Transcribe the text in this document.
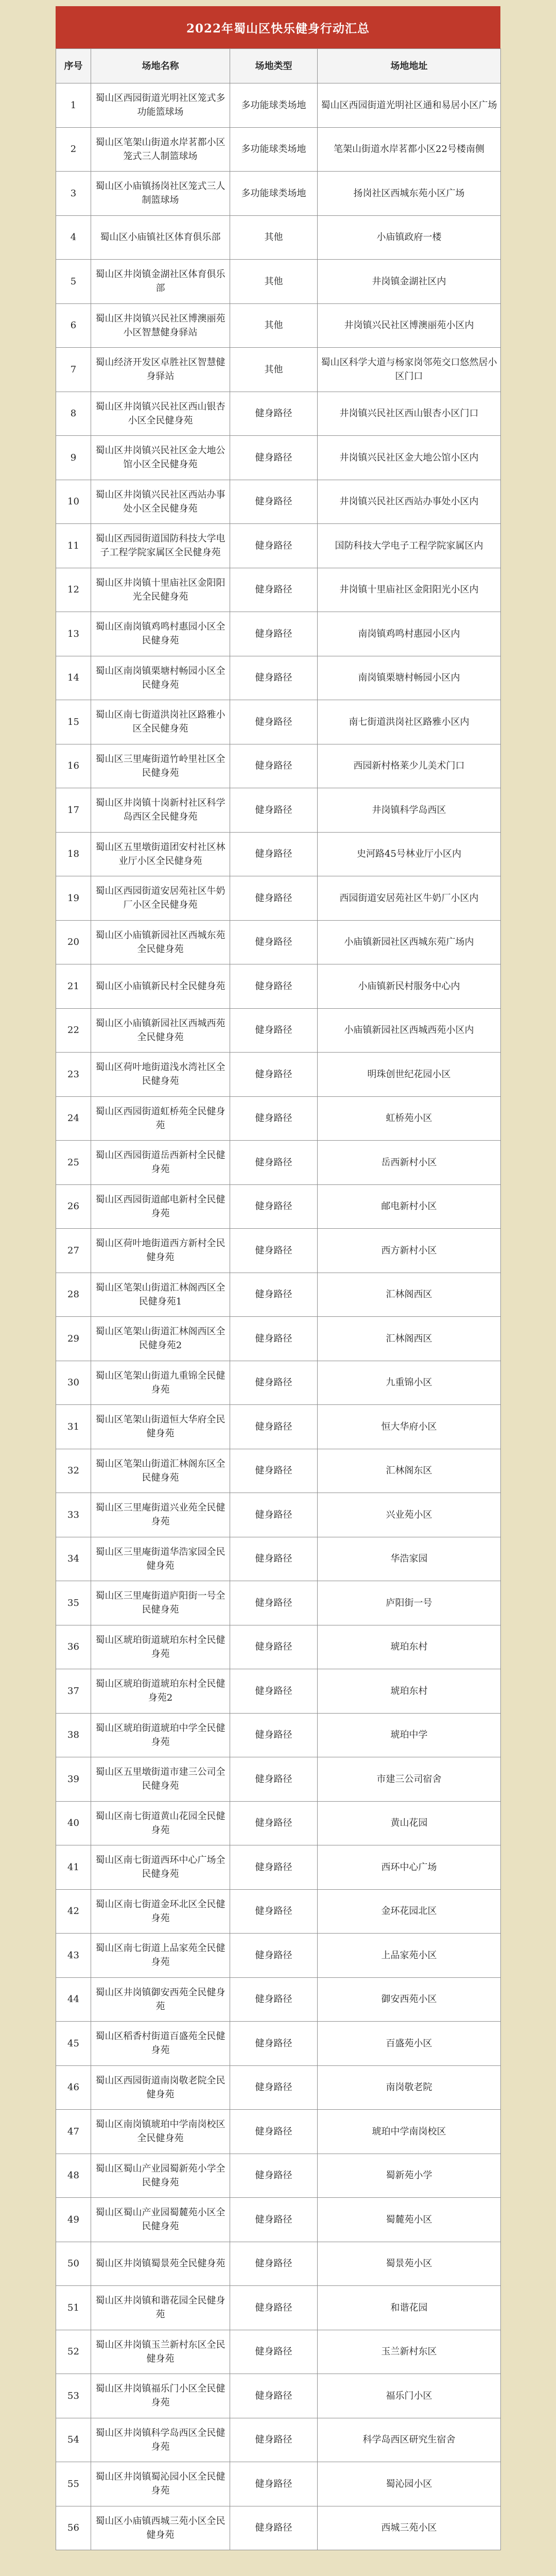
2022年蜀山区快乐健身行动汇总
序号	场地名称	场地类型	场地地址
1	蜀山区西园街道光明社区笼式多功能篮球场	多功能球类场地	蜀山区西园街道光明社区通和易居小区广场
2	蜀山区笔架山街道水岸茗都小区笼式三人制篮球场	多功能球类场地	笔架山街道水岸茗都小区22号楼南侧
3	蜀山区小庙镇扬岗社区笼式三人制篮球场	多功能球类场地	扬岗社区西城东苑小区广场
4	蜀山区小庙镇社区体育俱乐部	其他	小庙镇政府一楼
5	蜀山区井岗镇金湖社区体育俱乐部	其他	井岗镇金湖社区内
6	蜀山区井岗镇兴民社区博澳丽苑小区智慧健身驿站	其他	井岗镇兴民社区博澳丽苑小区内
7	蜀山经济开发区卓胜社区智慧健身驿站	其他	蜀山区科学大道与杨家岗邻苑交口悠然居小区门口
8	蜀山区井岗镇兴民社区西山银杏小区全民健身苑	健身路径	井岗镇兴民社区西山银杏小区门口
9	蜀山区井岗镇兴民社区金大地公馆小区全民健身苑	健身路径	井岗镇兴民社区金大地公馆小区内
10	蜀山区井岗镇兴民社区西站办事处小区全民健身苑	健身路径	井岗镇兴民社区西站办事处小区内
11	蜀山区西园街道国防科技大学电子工程学院家属区全民健身苑	健身路径	国防科技大学电子工程学院家属区内
12	蜀山区井岗镇十里庙社区金阳阳光全民健身苑	健身路径	井岗镇十里庙社区金阳阳光小区内
13	蜀山区南岗镇鸡鸣村惠园小区全民健身苑	健身路径	南岗镇鸡鸣村惠园小区内
14	蜀山区南岗镇栗塘村畅园小区全民健身苑	健身路径	南岗镇栗塘村畅园小区内
15	蜀山区南七街道洪岗社区路雅小区全民健身苑	健身路径	南七街道洪岗社区路雅小区内
16	蜀山区三里庵街道竹岭里社区全民健身苑	健身路径	西园新村格莱少儿美术门口
17	蜀山区井岗镇十岗新村社区科学岛西区全民健身苑	健身路径	井岗镇科学岛西区
18	蜀山区五里墩街道团安村社区林业厅小区全民健身苑	健身路径	史河路45号林业厅小区内
19	蜀山区西园街道安居苑社区牛奶厂小区全民健身苑	健身路径	西园街道安居苑社区牛奶厂小区内
20	蜀山区小庙镇新园社区西城东苑全民健身苑	健身路径	小庙镇新园社区西城东苑广场内
21	蜀山区小庙镇新民村全民健身苑	健身路径	小庙镇新民村服务中心内
22	蜀山区小庙镇新园社区西城西苑全民健身苑	健身路径	小庙镇新园社区西城西苑小区内
23	蜀山区荷叶地街道浅水湾社区全民健身苑	健身路径	明珠创世纪花园小区
24	蜀山区西园街道虹桥苑全民健身苑	健身路径	虹桥苑小区
25	蜀山区西园街道岳西新村全民健身苑	健身路径	岳西新村小区
26	蜀山区西园街道邮电新村全民健身苑	健身路径	邮电新村小区
27	蜀山区荷叶地街道西方新村全民健身苑	健身路径	西方新村小区
28	蜀山区笔架山街道汇林阁西区全民健身苑1	健身路径	汇林阁西区
29	蜀山区笔架山街道汇林阁西区全民健身苑2	健身路径	汇林阁西区
30	蜀山区笔架山街道九重锦全民健身苑	健身路径	九重锦小区
31	蜀山区笔架山街道恒大华府全民健身苑	健身路径	恒大华府小区
32	蜀山区笔架山街道汇林阁东区全民健身苑	健身路径	汇林阁东区
33	蜀山区三里庵街道兴业苑全民健身苑	健身路径	兴业苑小区
34	蜀山区三里庵街道华浩家园全民健身苑	健身路径	华浩家园
35	蜀山区三里庵街道庐阳街一号全民健身苑	健身路径	庐阳街一号
36	蜀山区琥珀街道琥珀东村全民健身苑	健身路径	琥珀东村
37	蜀山区琥珀街道琥珀东村全民健身苑2	健身路径	琥珀东村
38	蜀山区琥珀街道琥珀中学全民健身苑	健身路径	琥珀中学
39	蜀山区五里墩街道市建三公司全民健身苑	健身路径	市建三公司宿舍
40	蜀山区南七街道黄山花园全民健身苑	健身路径	黄山花园
41	蜀山区南七街道西环中心广场全民健身苑	健身路径	西环中心广场
42	蜀山区南七街道金环北区全民健身苑	健身路径	金环花园北区
43	蜀山区南七街道上品家苑全民健身苑	健身路径	上品家苑小区
44	蜀山区井岗镇御安西苑全民健身苑	健身路径	御安西苑小区
45	蜀山区稻香村街道百盛苑全民健身苑	健身路径	百盛苑小区
46	蜀山区西园街道南岗敬老院全民健身苑	健身路径	南岗敬老院
47	蜀山区南岗镇琥珀中学南岗校区全民健身苑	健身路径	琥珀中学南岗校区
48	蜀山区蜀山产业园蜀新苑小学全民健身苑	健身路径	蜀新苑小学
49	蜀山区蜀山产业园蜀麓苑小区全民健身苑	健身路径	蜀麓苑小区
50	蜀山区井岗镇蜀景苑全民健身苑	健身路径	蜀景苑小区
51	蜀山区井岗镇和谐花园全民健身苑	健身路径	和谐花园
52	蜀山区井岗镇玉兰新村东区全民健身苑	健身路径	玉兰新村东区
53	蜀山区井岗镇福乐门小区全民健身苑	健身路径	福乐门小区
54	蜀山区井岗镇科学岛西区全民健身苑	健身路径	科学岛西区研究生宿舍
55	蜀山区井岗镇蜀沁园小区全民健身苑	健身路径	蜀沁园小区
56	蜀山区小庙镇西城三苑小区全民健身苑	健身路径	西城三苑小区
